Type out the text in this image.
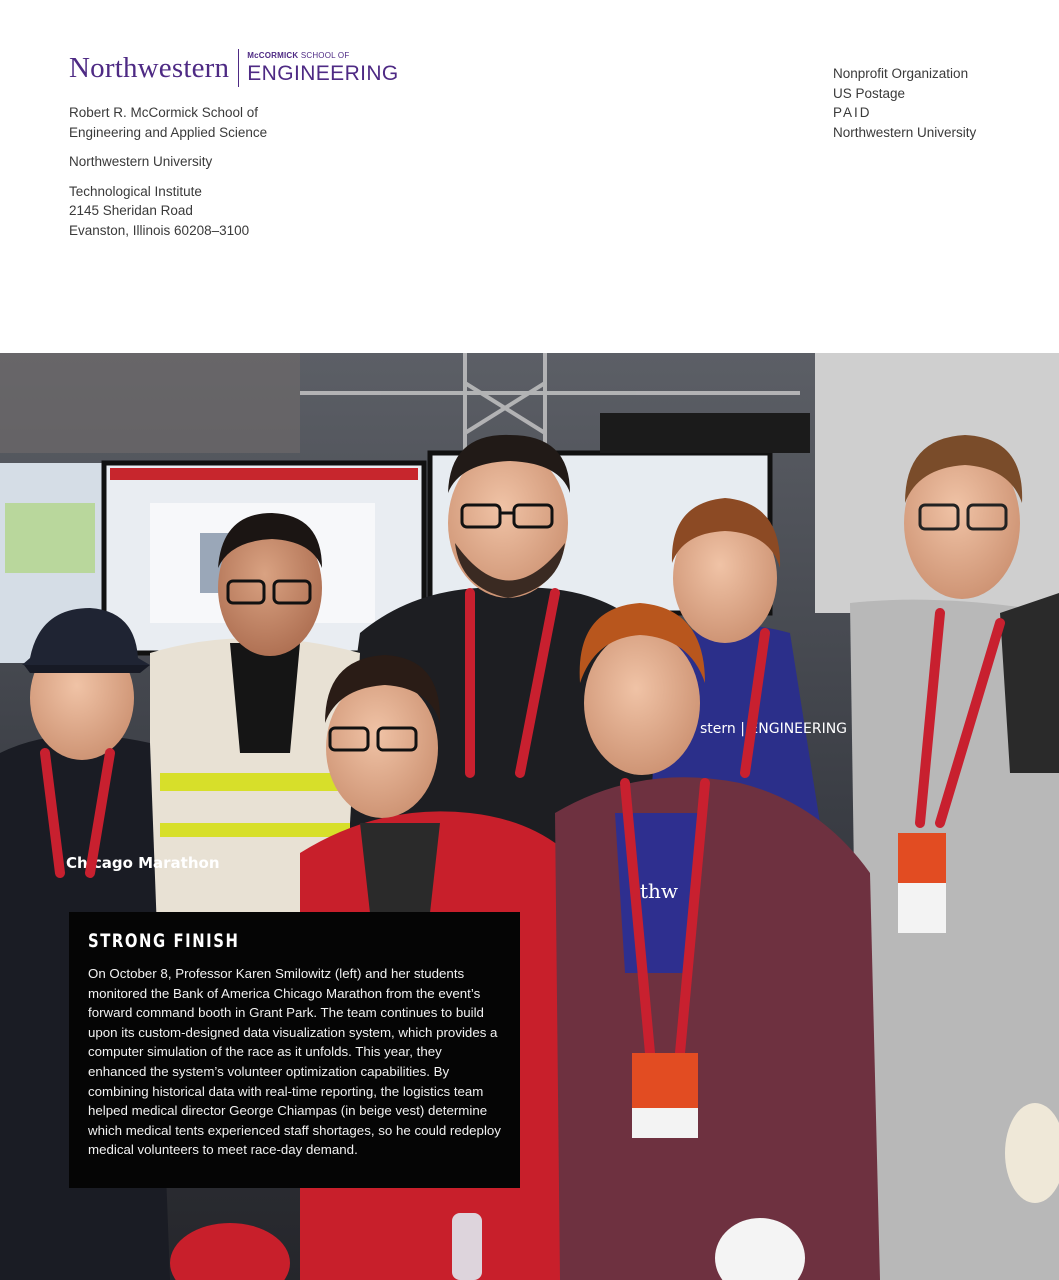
Northwestern McCORMICK SCHOOL OF
ENGINEERING

Robert R. McCormick School of
Engineering and Applied Science

Northwestern University

Technological Institute
2145 Sheridan Road
Evanston, Illinois 60208–3100

Nonprofit Organization
US Postage
PAID
Northwestern University
stern | ENGINEERING
Chicago Marathon
thw
STRONG FINISH

On October 8, Professor Karen Smilowitz (left) and her students monitored the Bank of America Chicago Marathon from the event’s forward command booth in Grant Park. The team continues to build upon its custom-designed data visualization system, which provides a computer simulation of the race as it unfolds. This year, they enhanced the system’s volunteer optimization capabilities. By combining historical data with real-time reporting, the logistics team helped medical director George Chiampas (in beige vest) determine which medical tents experienced staff shortages, so he could redeploy medical volunteers to meet race-day demand.
